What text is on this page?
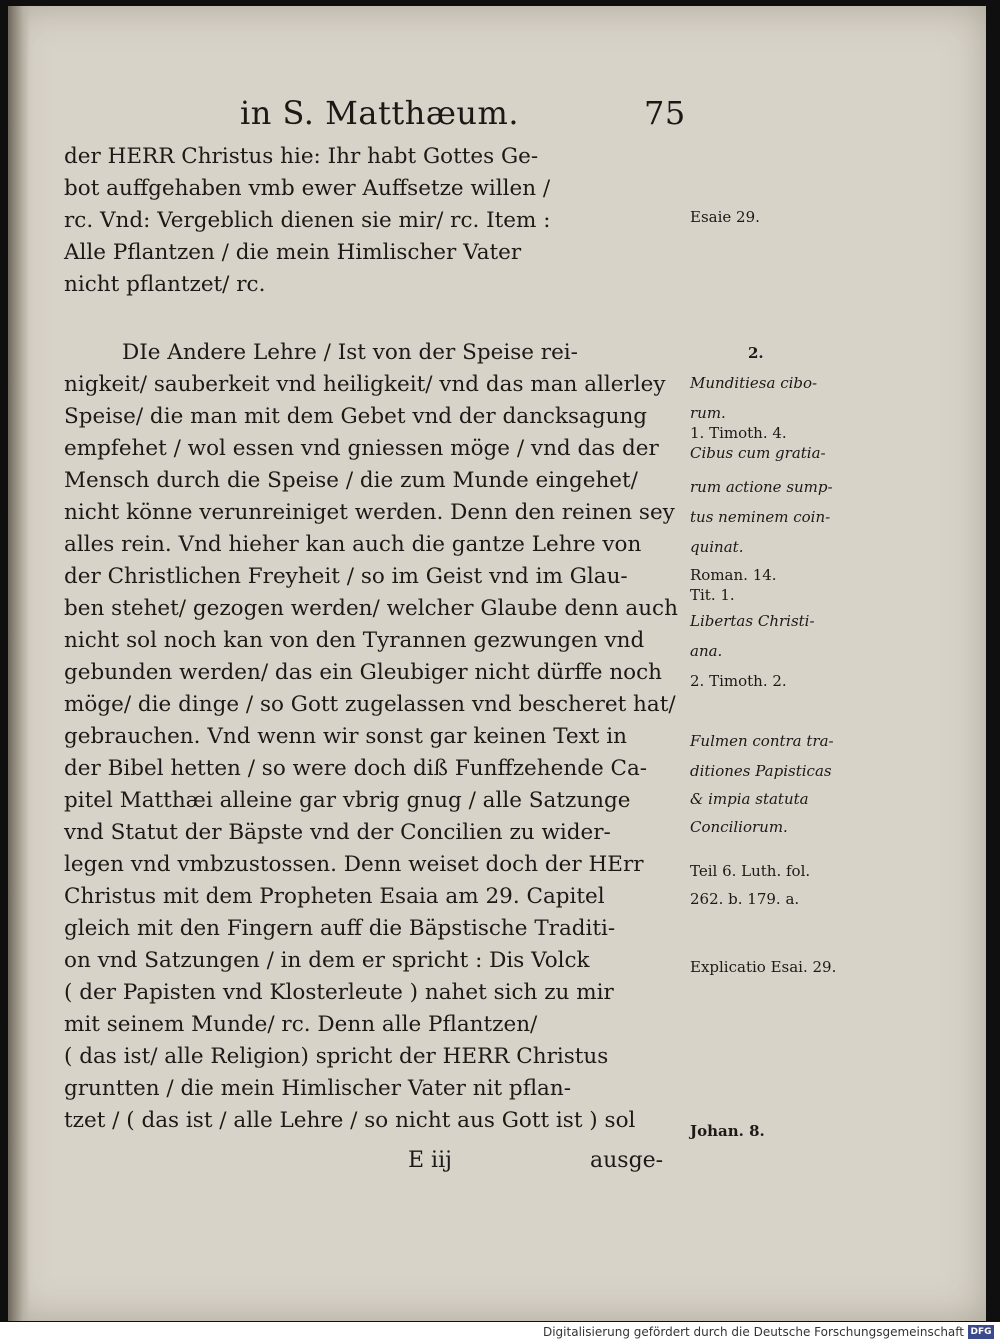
in S. Matthæum.	75
der HERR Christus hie: Ihr habt Gottes Ge-
bot auffgehaben vmb ewer Auffsetze willen /
rc. Vnd: Vergeblich dienen sie mir/ rc. Item :
Alle Pflantzen / die mein Himlischer Vater
nicht pflantzet/ rc.
DIe Andere Lehre / Ist von der Speise rei-
nigkeit/ sauberkeit vnd heiligkeit/ vnd das man allerley
Speise/ die man mit dem Gebet vnd der dancksagung
empfehet / wol essen vnd gniessen möge / vnd das der
Mensch durch die Speise / die zum Munde eingehet/
nicht könne verunreiniget werden. Denn den reinen sey
alles rein. Vnd hieher kan auch die gantze Lehre von
der Christlichen Freyheit / so im Geist vnd im Glau-
ben stehet/ gezogen werden/ welcher Glaube denn auch
nicht sol noch kan von den Tyrannen gezwungen vnd
gebunden werden/ das ein Gleubiger nicht dürffe noch
möge/ die dinge / so Gott zugelassen vnd bescheret hat/
gebrauchen. Vnd wenn wir sonst gar keinen Text in
der Bibel hetten / so were doch diß Funffzehende Ca-
pitel Matthæi alleine gar vbrig gnug / alle Satzunge
vnd Statut der Bäpste vnd der Concilien zu wider-
legen vnd vmbzustossen. Denn weiset doch der HErr
Christus mit dem Propheten Esaia am 29. Capitel
gleich mit den Fingern auff die Bäpstische Traditi-
on vnd Satzungen / in dem er spricht : Dis Volck
( der Papisten vnd Klosterleute ) nahet sich zu mir
mit seinem Munde/ rc. Denn alle Pflantzen/
( das ist/ alle Religion) spricht der HERR Christus
gruntten / die mein Himlischer Vater nit pflan-
tzet / ( das ist / alle Lehre / so nicht aus Gott ist ) sol
Esaie 29.
2.
Munditiesa cibo-
rum.
1. Timoth. 4.
Cibus cum gratia-
rum actione sump-
tus neminem coin-
quinat.
Roman. 14.
Tit. 1.
Libertas Christi-
ana.
2. Timoth. 2.
Fulmen contra tra-
ditiones Papisticas
& impia statuta
Conciliorum.
Teil 6. Luth. fol.
262. b. 179. a.
Explicatio Esai. 29.
Johan. 8.
E iij	ausge-
Digitalisierung gefördert durch die Deutsche Forschungsgemeinschaft DFG
